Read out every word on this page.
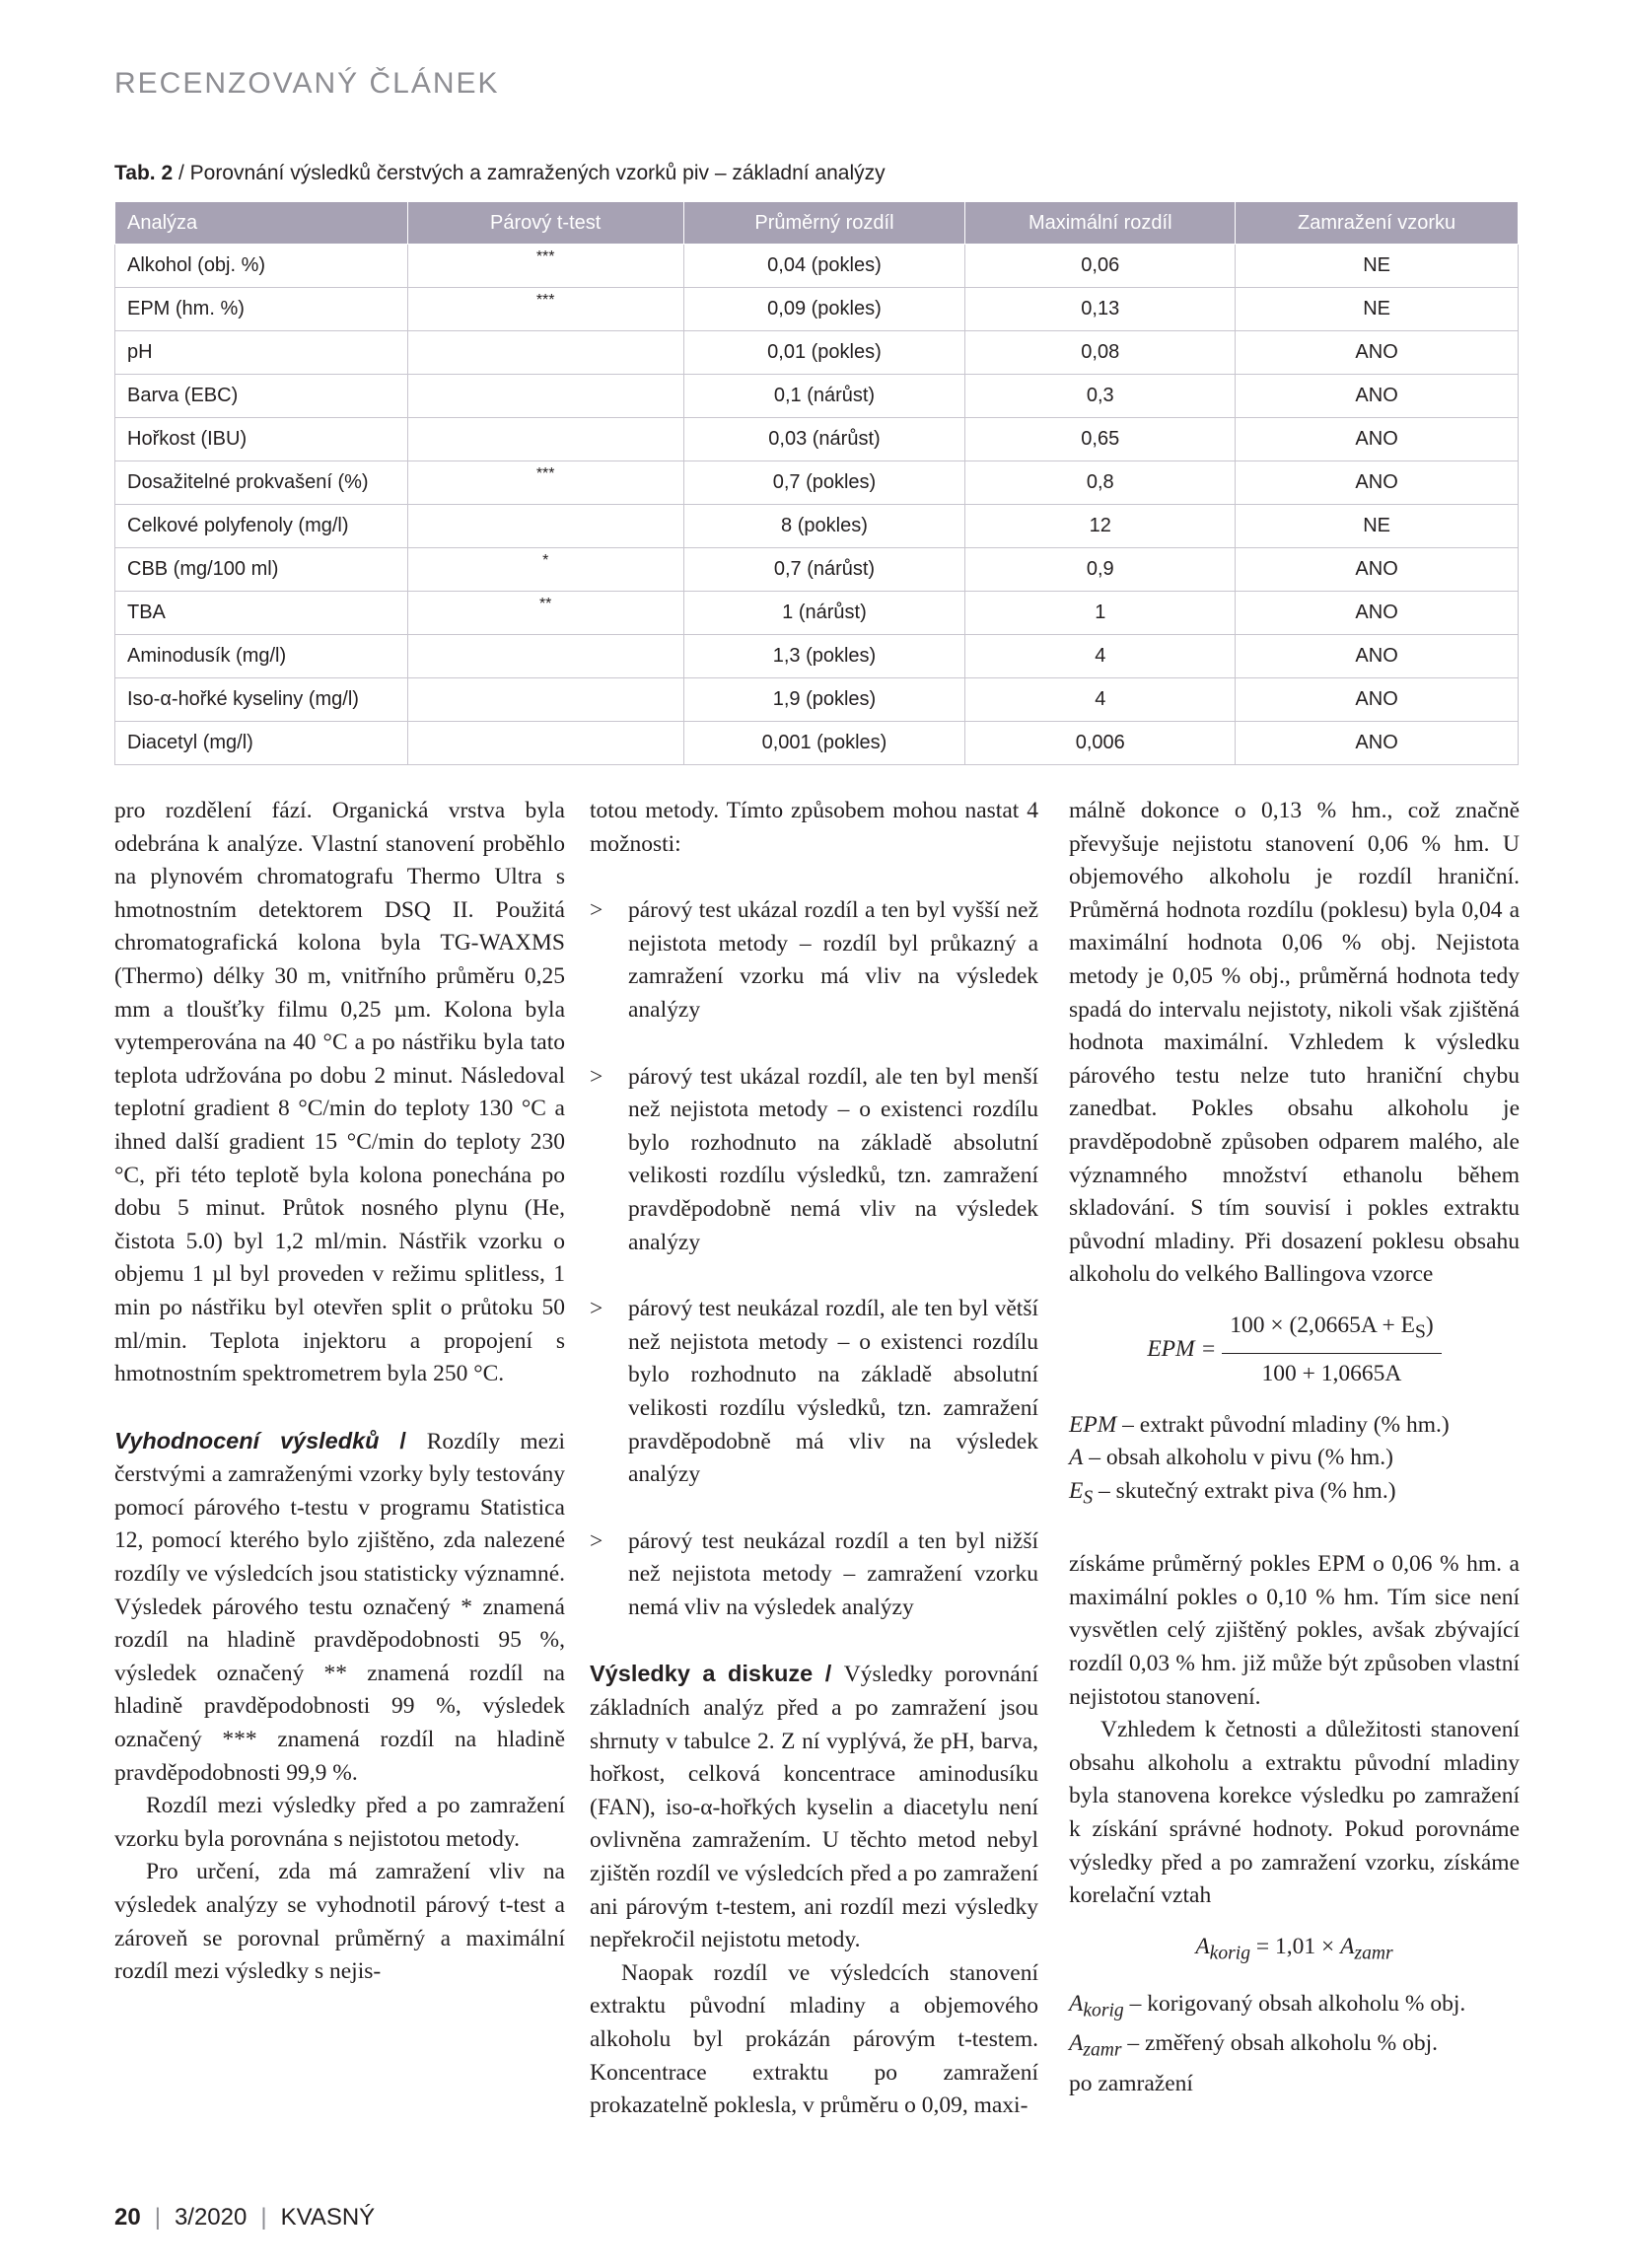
RECENZOVANÝ ČLÁNEK
Tab. 2 / Porovnání výsledků čerstvých a zamražených vzorků piv – základní analýzy
Analýza	Párový t-test	Průměrný rozdíl	Maximální rozdíl	Zamražení vzorku
Alkohol (obj. %)	***	0,04 (pokles)	0,06	NE
EPM (hm. %)	***	0,09 (pokles)	0,13	NE
pH		0,01 (pokles)	0,08	ANO
Barva (EBC)		0,1 (nárůst)	0,3	ANO
Hořkost (IBU)		0,03 (nárůst)	0,65	ANO
Dosažitelné prokvašení (%)	***	0,7 (pokles)	0,8	ANO
Celkové polyfenoly (mg/l)		8 (pokles)	12	NE
CBB (mg/100 ml)	*	0,7 (nárůst)	0,9	ANO
TBA	**	1 (nárůst)	1	ANO
Aminodusík (mg/l)		1,3 (pokles)	4	ANO
Iso-α-hořké kyseliny (mg/l)		1,9 (pokles)	4	ANO
Diacetyl (mg/l)		0,001 (pokles)	0,006	ANO

pro rozdělení fází. Organická vrstva byla odebrána k analýze. Vlastní stanovení proběhlo na plynovém chromatografu Thermo Ultra s hmotnostním detektorem DSQ II. Použitá chromatografická kolona byla TG-WAXMS (Thermo) délky 30 m, vnitřního průměru 0,25 mm a tloušťky filmu 0,25 µm. Kolona byla vytemperována na 40 °C a po nástřiku byla tato teplota udržována po dobu 2 minut. Následoval teplotní gradient 8 °C/min do teploty 130 °C a ihned další gradient 15 °C/min do teploty 230 °C, při této teplotě byla kolona ponechána po dobu 5 minut. Průtok nosného plynu (He, čistota 5.0) byl 1,2 ml/min. Nástřik vzorku o objemu 1 µl byl proveden v režimu splitless, 1 min po nástřiku byl otevřen split o průtoku 50 ml/min. Teplota injektoru a propojení s hmotnostním spektrometrem byla 250 °C.

Vyhodnocení výsledků / Rozdíly mezi čerstvými a zamraženými vzorky byly testovány pomocí párového t-testu v programu Statistica 12, pomocí kterého bylo zjištěno, zda nalezené rozdíly ve výsledcích jsou statisticky významné. Výsledek párového testu označený * znamená rozdíl na hladině pravděpodobnosti 95 %, výsledek označený ** znamená rozdíl na hladině pravděpodobnosti 99 %, výsledek označený *** znamená rozdíl na hladině pravděpodobnosti 99,9 %.

Rozdíl mezi výsledky před a po zamražení vzorku byla porovnána s nejistotou metody.

Pro určení, zda má zamražení vliv na výsledek analýzy se vyhodnotil párový t-test a zároveň se porovnal průměrný a maximální rozdíl mezi výsledky s nejis-

totou metody. Tímto způsobem mohou nastat 4 možnosti:

> párový test ukázal rozdíl a ten byl vyšší než nejistota metody – rozdíl byl průkazný a zamražení vzorku má vliv na výsledek analýzy
> párový test ukázal rozdíl, ale ten byl menší než nejistota metody – o existenci rozdílu bylo rozhodnuto na základě absolutní velikosti rozdílu výsledků, tzn. zamražení pravděpodobně nemá vliv na výsledek analýzy
> párový test neukázal rozdíl, ale ten byl větší než nejistota metody – o existenci rozdílu bylo rozhodnuto na základě absolutní velikosti rozdílu výsledků, tzn. zamražení pravděpodobně má vliv na výsledek analýzy
> párový test neukázal rozdíl a ten byl nižší než nejistota metody – zamražení vzorku nemá vliv na výsledek analýzy

Výsledky a diskuze / Výsledky porovnání základních analýz před a po zamražení jsou shrnuty v tabulce 2. Z ní vyplývá, že pH, barva, hořkost, celková koncentrace aminodusíku (FAN), iso-α-hořkých kyselin a diacetylu není ovlivněna zamražením. U těchto metod nebyl zjištěn rozdíl ve výsledcích před a po zamražení ani párovým t-testem, ani rozdíl mezi výsledky nepřekročil nejistotu metody.

Naopak rozdíl ve výsledcích stanovení extraktu původní mladiny a objemového alkoholu byl prokázán párovým t-testem. Koncentrace extraktu po zamražení prokazatelně poklesla, v průměru o 0,09, maxi-

málně dokonce o 0,13 % hm., což značně převyšuje nejistotu stanovení 0,06 % hm. U objemového alkoholu je rozdíl hraniční. Průměrná hodnota rozdílu (poklesu) byla 0,04 a maximální hodnota 0,06 % obj. Nejistota metody je 0,05 % obj., průměrná hodnota tedy spadá do intervalu nejistoty, nikoli však zjištěná hodnota maximální. Vzhledem k výsledku párového testu nelze tuto hraniční chybu zanedbat. Pokles obsahu alkoholu je pravděpodobně způsoben odparem malého, ale významného množství ethanolu během skladování. S tím souvisí i pokles extraktu původní mladiny. Při dosazení poklesu obsahu alkoholu do velkého Ballingova vzorce

EPM = $\frac{100 \times (2,0665A + E_S)}{100 + 1,0665A}$

EPM – extrakt původní mladiny (% hm.)

A – obsah alkoholu v pivu (% hm.)

$E_S$ – skutečný extrakt piva (% hm.)

získáme průměrný pokles EPM o 0,06 % hm. a maximální pokles o 0,10 % hm. Tím sice není vysvětlen celý zjištěný pokles, avšak zbývající rozdíl 0,03 % hm. již může být způsoben vlastní nejistotou stanovení.

Vzhledem k četnosti a důležitosti stanovení obsahu alkoholu a extraktu původní mladiny byla stanovena korekce výsledku po zamražení k získání správné hodnoty. Pokud porovnáme výsledky před a po zamražení vzorku, získáme korelační vztah

$A_{korig} = 1,01 \times A_{zamr}$

$A_{korig}$ – korigovaný obsah alkoholu % obj.

$A_{zamr}$ – změřený obsah alkoholu % obj.

po zamražení

20 | 3/2020 | KVASNÝ
